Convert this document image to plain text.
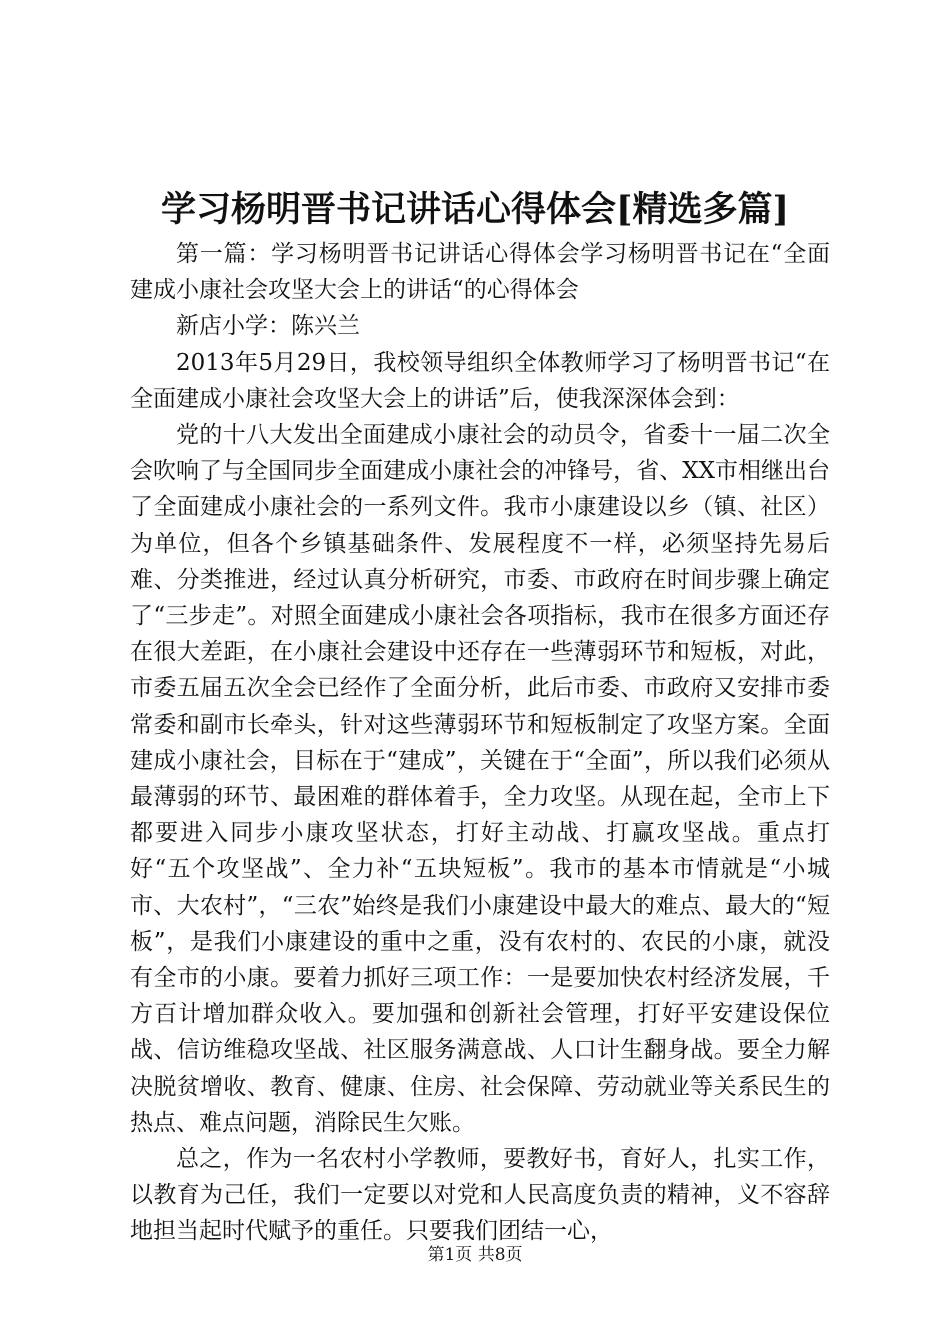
学习杨明晋书记讲话心得体会[精选多篇]

第一篇：学习杨明晋书记讲话心得体会学习杨明晋书记在“全面建成小康社会攻坚大会上的讲话“的心得体会

新店小学：陈兴兰

2013年5月29日，我校领导组织全体教师学习了杨明晋书记“在全面建成小康社会攻坚大会上的讲话”后，使我深深体会到：

党的十八大发出全面建成小康社会的动员令，省委十一届二次全会吹响了与全国同步全面建成小康社会的冲锋号，省、XX市相继出台了全面建成小康社会的一系列文件。我市小康建设以乡（镇、社区）为单位，但各个乡镇基础条件、发展程度不一样，必须坚持先易后难、分类推进，经过认真分析研究，市委、市政府在时间步骤上确定了“三步走”。对照全面建成小康社会各项指标，我市在很多方面还存在很大差距，在小康社会建设中还存在一些薄弱环节和短板，对此，市委五届五次全会已经作了全面分析，此后市委、市政府又安排市委常委和副市长牵头，针对这些薄弱环节和短板制定了攻坚方案。全面建成小康社会，目标在于“建成”，关键在于“全面”，所以我们必须从最薄弱的环节、最困难的群体着手，全力攻坚。从现在起，全市上下都要进入同步小康攻坚状态，打好主动战、打赢攻坚战。重点打好“五个攻坚战”、全力补“五块短板”。我市的基本市情就是“小城市、大农村”，“三农”始终是我们小康建设中最大的难点、最大的“短板”，是我们小康建设的重中之重，没有农村的、农民的小康，就没有全市的小康。要着力抓好三项工作：一是要加快农村经济发展，千方百计增加群众收入。要加强和创新社会管理，打好平安建设保位战、信访维稳攻坚战、社区服务满意战、人口计生翻身战。要全力解决脱贫增收、教育、健康、住房、社会保障、劳动就业等关系民生的热点、难点问题，消除民生欠账。

总之，作为一名农村小学教师，要教好书，育好人，扎实工作，以教育为己任，我们一定要以对党和人民高度负责的精神，义不容辞地担当起时代赋予的重任。只要我们团结一心，

第1页 共8页
